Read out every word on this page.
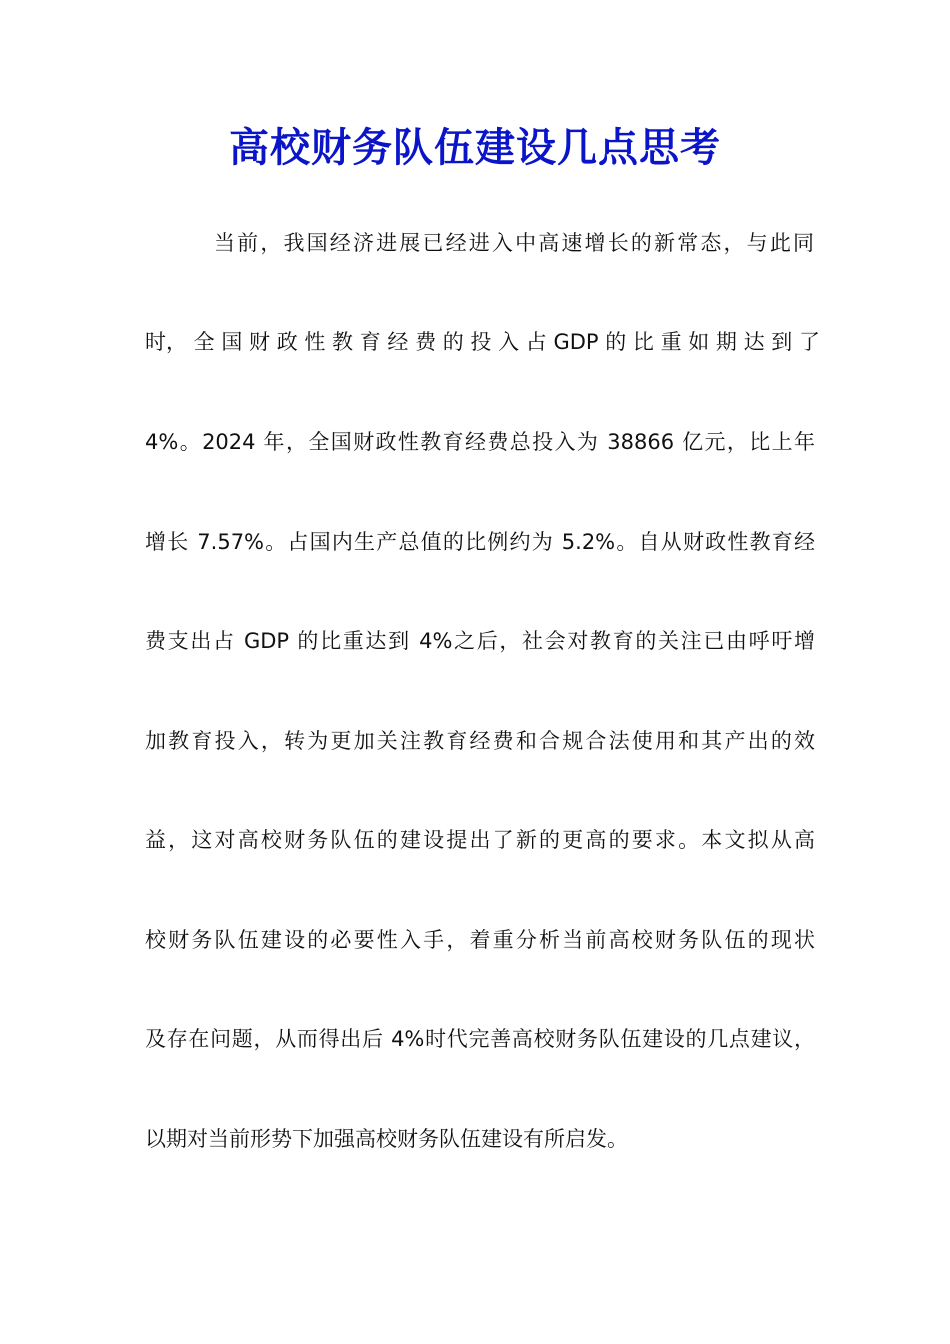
高校财务队伍建设几点思考
当前，我国经济进展已经进入中高速增长的新常态，与此同
时， 全 国 财 政 性 教 育 经 费 的 投 入 占 GDP 的 比 重 如 期 达 到 了
4%。2024 年，全国财政性教育经费总投入为 38866 亿元，比上年
增长 7.57%。占国内生产总值的比例约为 5.2%。自从财政性教育经
费支出占 GDP 的比重达到 4%之后，社会对教育的关注已由呼吁增
加教育投入，转为更加关注教育经费和合规合法使用和其产出的效
益，这对高校财务队伍的建设提出了新的更高的要求。本文拟从高
校财务队伍建设的必要性入手，着重分析当前高校财务队伍的现状
及存在问题，从而得出后 4%时代完善高校财务队伍建设的几点建议，
以期对当前形势下加强高校财务队伍建设有所启发。
